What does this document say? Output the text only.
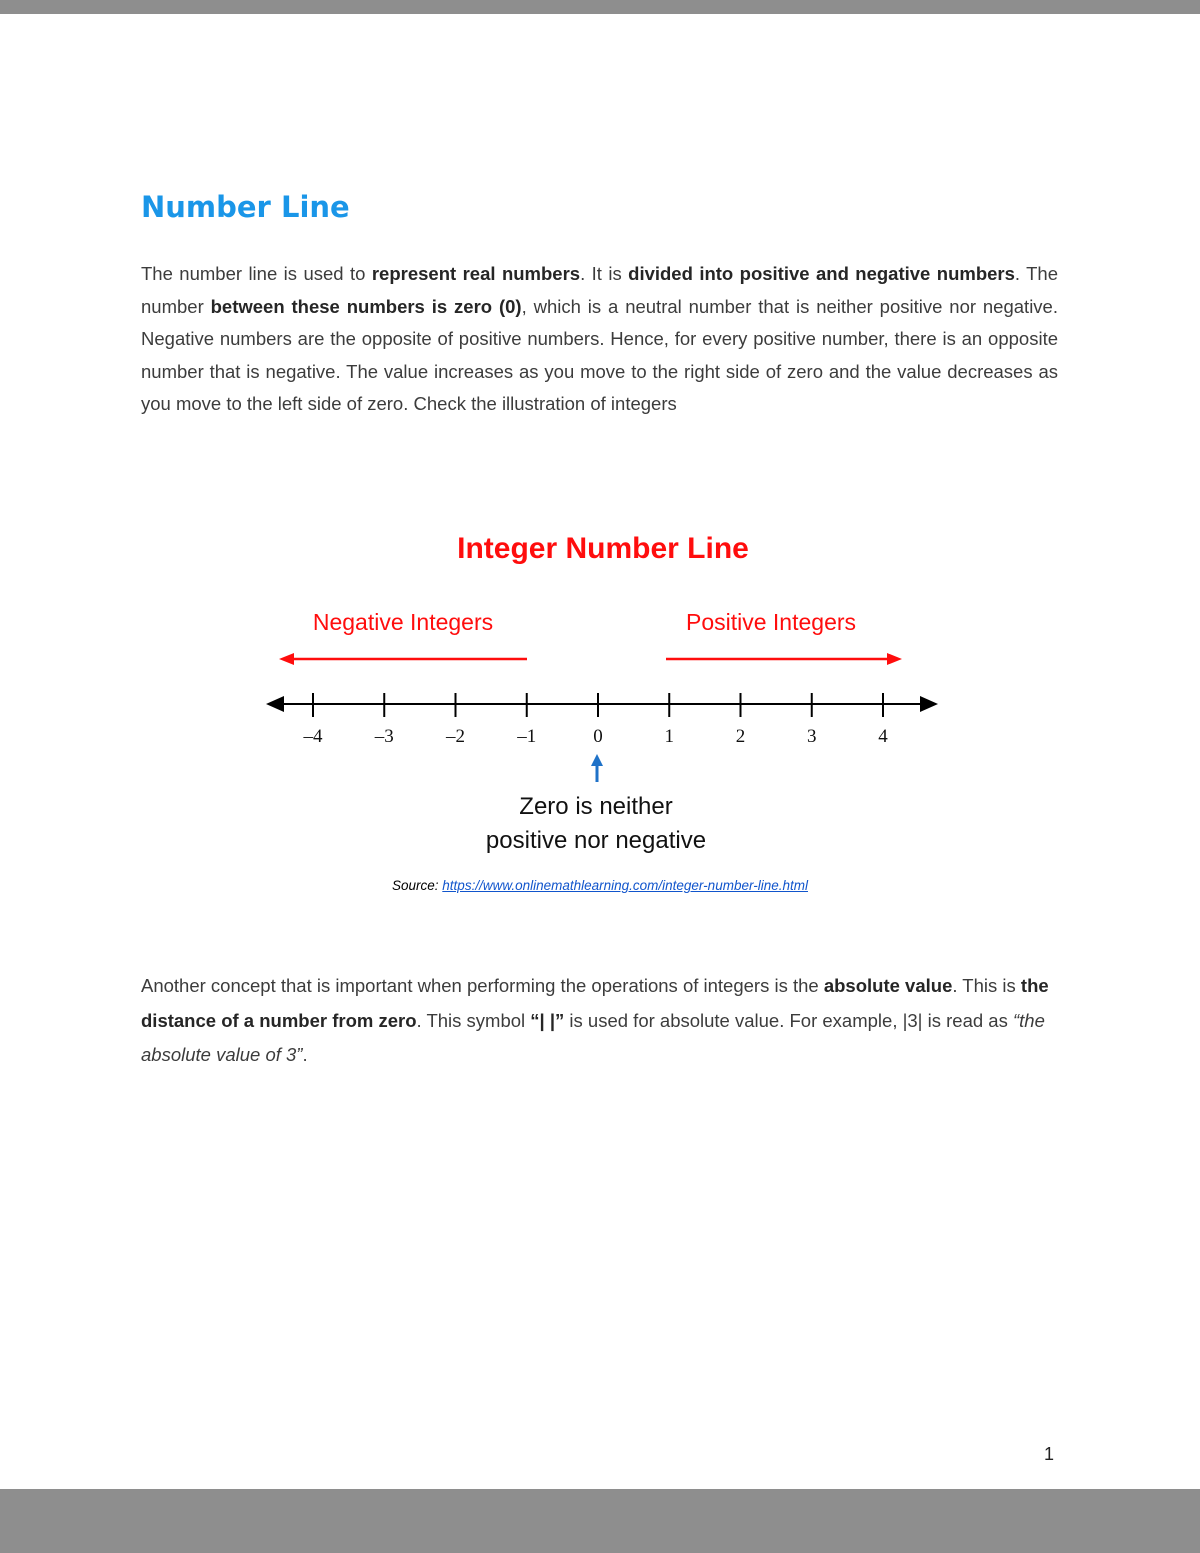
Number Line

The number line is used to represent real numbers. It is divided into positive and negative numbers. The number between these numbers is zero (0), which is a neutral number that is neither positive nor negative. Negative numbers are the opposite of positive numbers. Hence, for every positive number, there is an opposite number that is negative. The value increases as you move to the right side of zero and the value decreases as you move to the left side of zero. Check the illustration of integers

Integer Number Line
Negative Integers	Positive Integers
–4	–3	–2	–1	0	1	2	3	4
Zero is neither
positive nor negative
Source: https://www.onlinemathlearning.com/integer-number-line.html

Another concept that is important when performing the operations of integers is the absolute value. This is the distance of a number from zero. This symbol “| |” is used for absolute value. For example, |3| is read as “the absolute value of 3”.

1
